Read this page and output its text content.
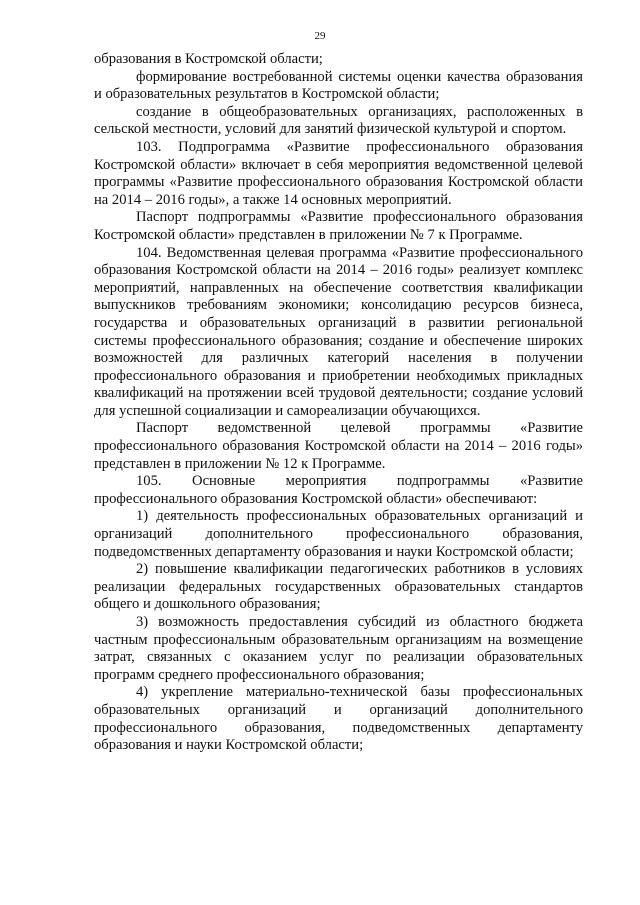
29

образования в Костромской области;

формирование востребованной системы оценки качества образования и образовательных результатов в Костромской области;

создание в общеобразовательных организациях, расположенных в сельской местности, условий для занятий физической культурой и спортом.

103. Подпрограмма «Развитие профессионального образования Костромской области» включает в себя мероприятия ведомственной целевой программы «Развитие профессионального образования Костромской области на 2014 – 2016 годы», а также 14 основных мероприятий.

Паспорт подпрограммы «Развитие профессионального образования Костромской области» представлен в приложении № 7 к Программе.

104. Ведомственная целевая программа «Развитие профессионального образования Костромской области на 2014 – 2016 годы» реализует комплекс мероприятий, направленных на обеспечение соответствия квалификации выпускников требованиям экономики; консолидацию ресурсов бизнеса, государства и образовательных организаций в развитии региональной системы профессионального образования; создание и обеспечение широких возможностей для различных категорий населения в получении профессионального образования и приобретении необходимых прикладных квалификаций на протяжении всей трудовой деятельности; создание условий для успешной социализации и самореализации обучающихся.

Паспорт ведомственной целевой программы «Развитие профессионального образования Костромской области на 2014 – 2016 годы» представлен в приложении № 12 к Программе.

105. Основные мероприятия подпрограммы «Развитие профессионального образования Костромской области» обеспечивают:

1) деятельность профессиональных образовательных организаций и организаций дополнительного профессионального образования, подведомственных департаменту образования и науки Костромской области;

2) повышение квалификации педагогических работников в условиях реализации федеральных государственных образовательных стандартов общего и дошкольного образования;

3) возможность предоставления субсидий из областного бюджета частным профессиональным образовательным организациям на возмещение затрат, связанных с оказанием услуг по реализации образовательных программ среднего профессионального образования;

4) укрепление материально-технической базы профессиональных образовательных организаций и организаций дополнительного профессионального образования, подведомственных департаменту образования и науки Костромской области;
